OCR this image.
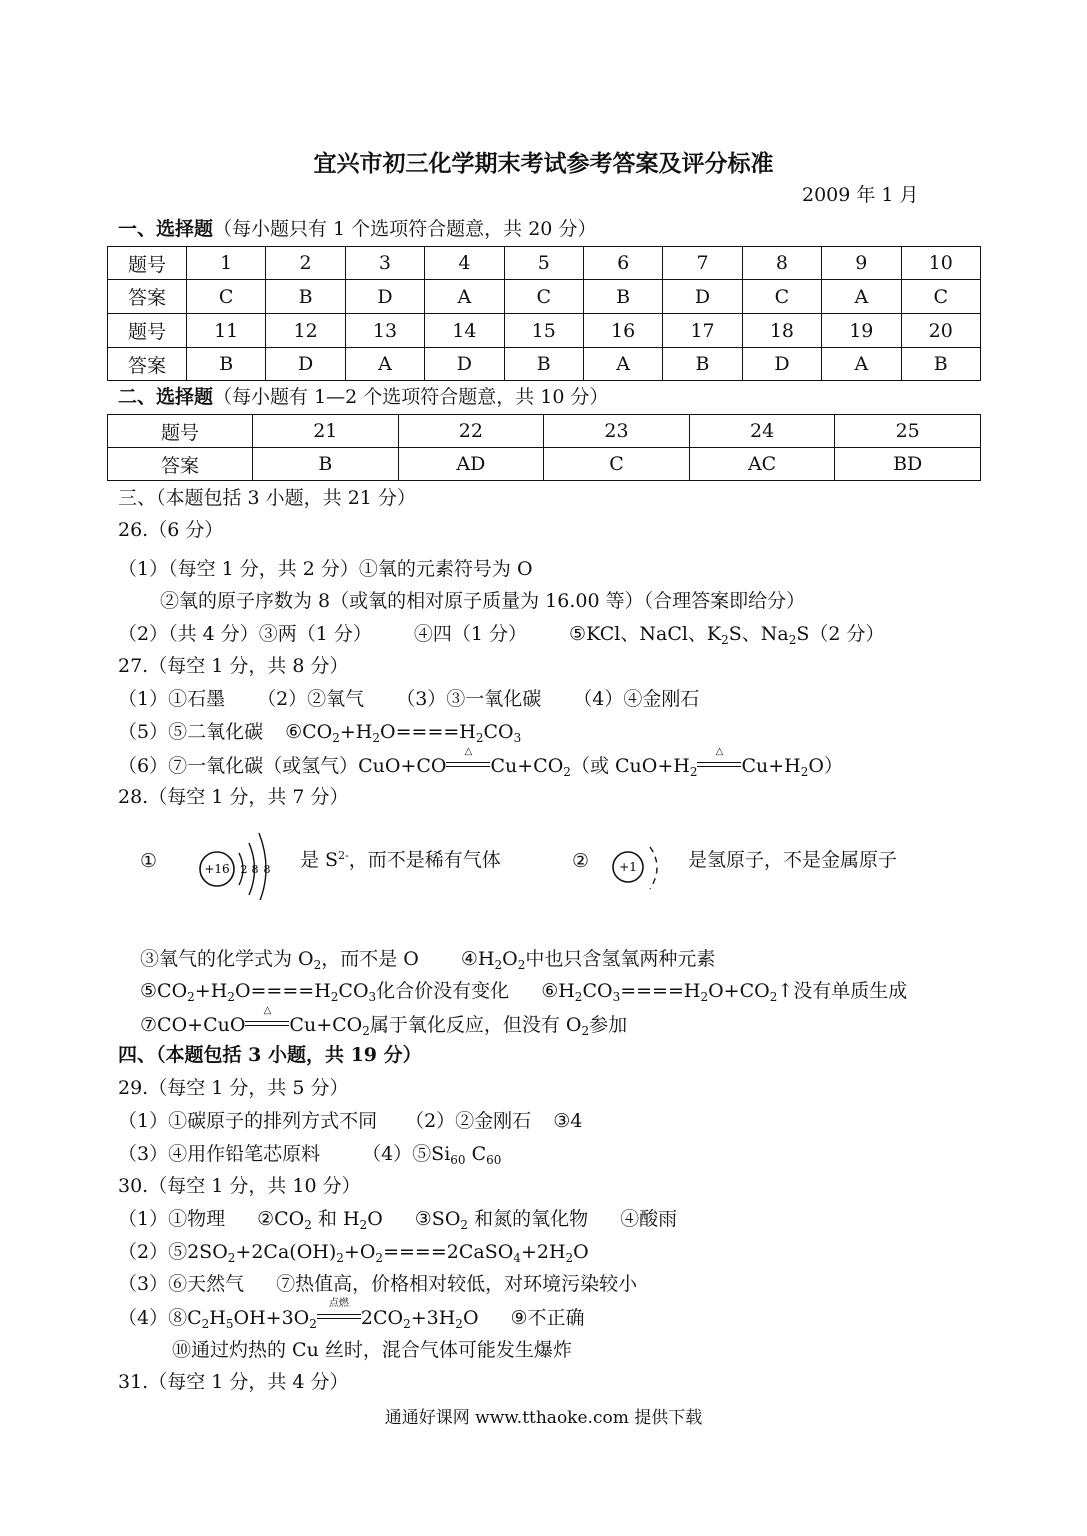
宜兴市初三化学期末考试参考答案及评分标准
2009 年 1 月
一、选择题（每小题只有 1 个选项符合题意，共 20 分）
题号	1	2	3	4	5	6	7	8	9	10
答案	C	B	D	A	C	B	D	C	A	C
题号	11	12	13	14	15	16	17	18	19	20
答案	B	D	A	D	B	A	B	D	A	B
二、选择题（每小题有 1—2 个选项符合题意，共 10 分）
题号	21	22	23	24	25
答案	B	AD	C	AC	BD
三、（本题包括 3 小题，共 21 分）
26.（6 分）
（1）（每空 1 分，共 2 分）①氧的元素符号为 O
②氧的原子序数为 8（或氧的相对原子质量为 16.00 等）（合理答案即给分）
（2）（共 4 分）③两（1 分） ④四（1 分） ⑤KCl、NaCl、$K_2S$、$Na_2S(2$ 分）
27.（每空 1 分，共 8 分）
（1）①石墨 （2）②氧气 （3）③一氧化碳 （4）④金刚石
（5）⑤二氧化碳 $⑥CO_2+H_2O====H_2CO_3$
（6）⑦一氧化碳（或氢气）CuO+CO
△
$Cu+CO_2$（或 $CuO+H_2$
△
$Cu+H_2O$）
28.（每空 1 分，共 7 分）
①	+16 2 8 8 是 $S^{2-}$，而不是稀有气体	②	+1	是氢原子，不是金属原子
③氧气的化学式为 $O_2$，而不是 O $④H_2O_2$中也只含氢氧两种元素
$⑤CO_2+H_2O====H_2CO_3$化合价没有变化 $⑥H_2CO_3====H_2O+CO_2↑$没有单质生成
⑦CO+CuO
△
$Cu+CO_2$属于氧化反应，但没有 $O_2$参加
四、（本题包括 3 小题，共 19 分）
29.（每空 1 分，共 5 分）
（1）①碳原子的排列方式不同 （2）②金刚石 ③4
（3）④用作铅笔芯原料 $(4)⑤Si_{60}$ $C_{60}$
30.（每空 1 分，共 10 分）
（1）①物理 $②CO_2$ 和 $H_2O$ $③SO_2$ 和氮的氧化物 ④酸雨
$(2)⑤2SO_2+2Ca(OH)_2+O_2====2CaSO_4+2H_2O$
（3）⑥天然气 ⑦热值高，价格相对较低，对环境污染较小
$(4)⑧C_2H_5OH+3O_2$
点燃
$2CO_2+3H_2O$ ⑨不正确
⑩通过灼热的 Cu 丝时，混合气体可能发生爆炸
31.（每空 1 分，共 4 分）
通通好课网 www.tthaoke.com 提供下载
